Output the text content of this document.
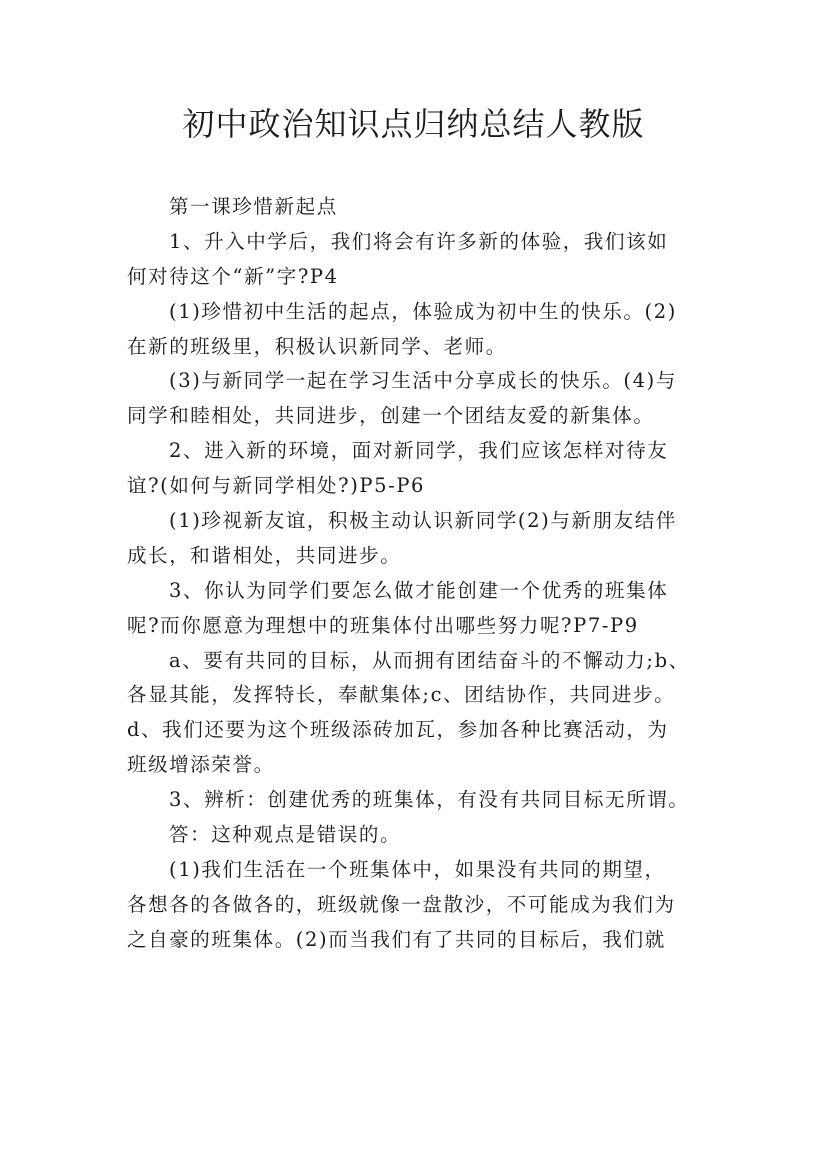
初中政治知识点归纳总结人教版

第一课珍惜新起点

1、升入中学后，我们将会有许多新的体验，我们该如

何对待这个“新”字?P4

(1)珍惜初中生活的起点，体验成为初中生的快乐。(2)

在新的班级里，积极认识新同学、老师。

(3)与新同学一起在学习生活中分享成长的快乐。(4)与

同学和睦相处，共同进步，创建一个团结友爱的新集体。

2、进入新的环境，面对新同学，我们应该怎样对待友

谊?(如何与新同学相处?)P5-P6

(1)珍视新友谊，积极主动认识新同学(2)与新朋友结伴

成长，和谐相处，共同进步。

3、你认为同学们要怎么做才能创建一个优秀的班集体

呢?而你愿意为理想中的班集体付出哪些努力呢?P7-P9

a、要有共同的目标，从而拥有团结奋斗的不懈动力;b、

各显其能，发挥特长，奉献集体;c、团结协作，共同进步。

d、我们还要为这个班级添砖加瓦，参加各种比赛活动，为

班级增添荣誉。

3、辨析：创建优秀的班集体，有没有共同目标无所谓。

答：这种观点是错误的。

(1)我们生活在一个班集体中，如果没有共同的期望，

各想各的各做各的，班级就像一盘散沙，不可能成为我们为

之自豪的班集体。(2)而当我们有了共同的目标后，我们就
